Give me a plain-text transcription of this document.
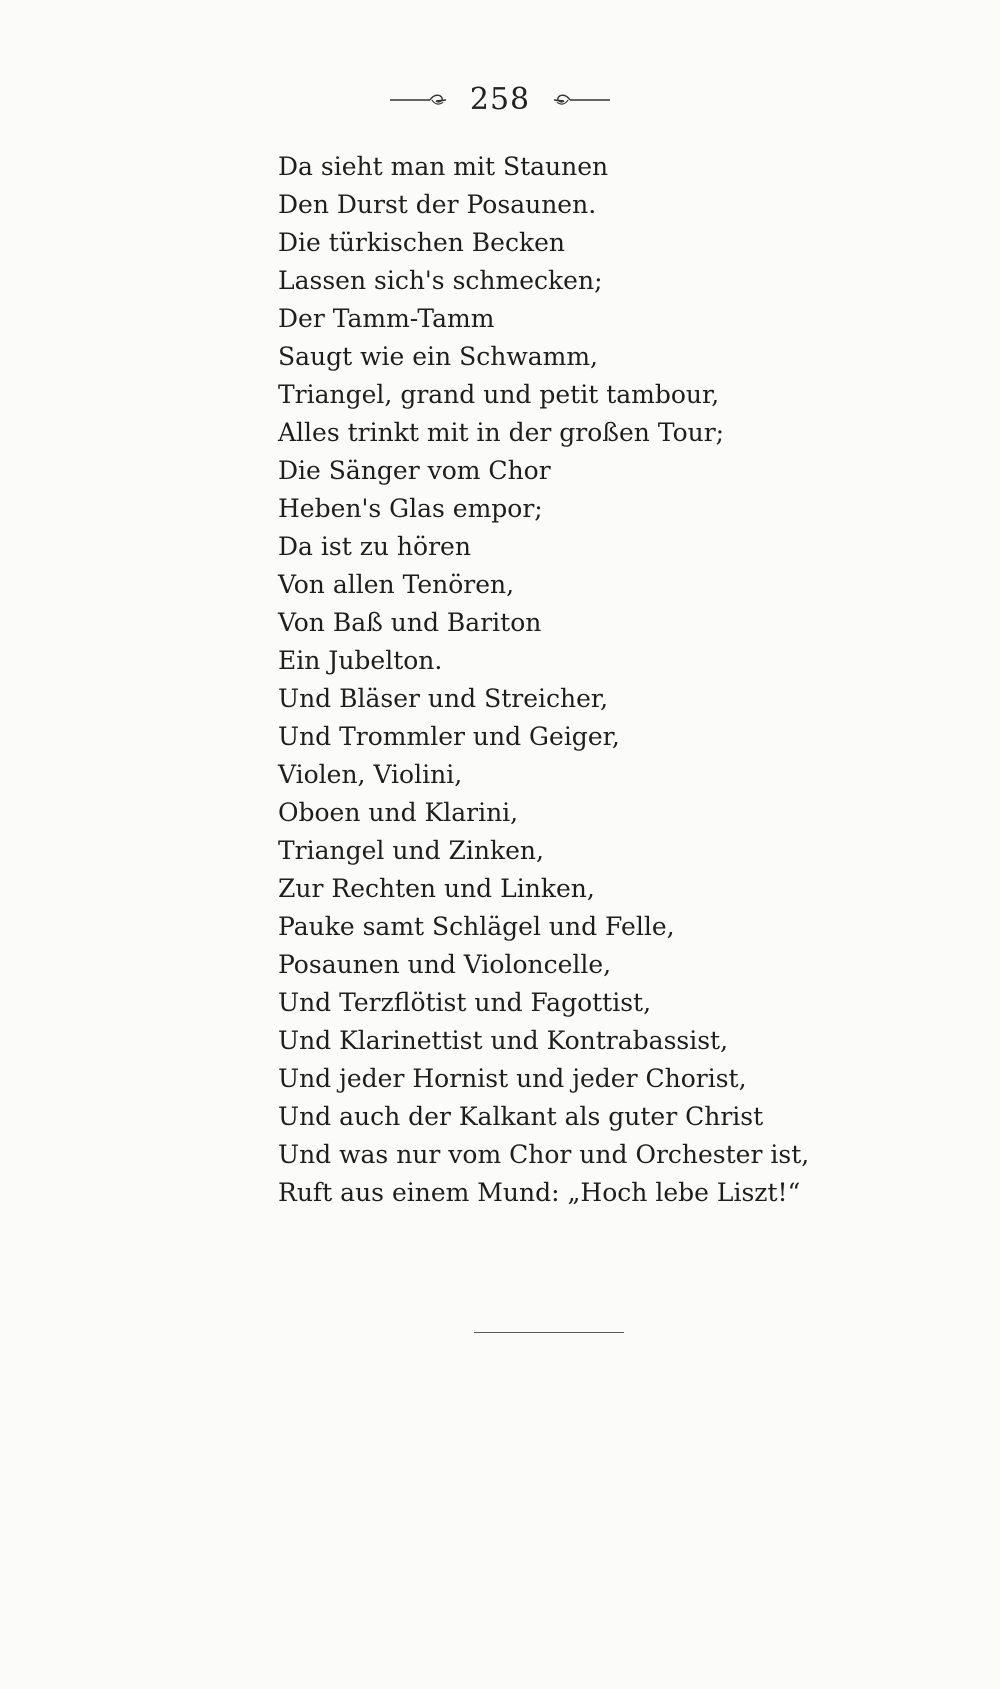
258
Da sieht man mit Staunen
Den Durst der Posaunen.
Die türkischen Becken
Lassen sich's schmecken;
Der Tamm-Tamm
Saugt wie ein Schwamm,
Triangel, grand und petit tambour,
Alles trinkt mit in der großen Tour;
Die Sänger vom Chor
Heben's Glas empor;
Da ist zu hören
Von allen Tenören,
Von Baß und Bariton
Ein Jubelton.
Und Bläser und Streicher,
Und Trommler und Geiger,
Violen, Violini,
Oboen und Klarini,
Triangel und Zinken,
Zur Rechten und Linken,
Pauke samt Schlägel und Felle,
Posaunen und Violoncelle,
Und Terzflötist und Fagottist,
Und Klarinettist und Kontrabassist,
Und jeder Hornist und jeder Chorist,
Und auch der Kalkant als guter Christ
Und was nur vom Chor und Orchester ist,
Ruft aus einem Mund: „Hoch lebe Liszt!“
